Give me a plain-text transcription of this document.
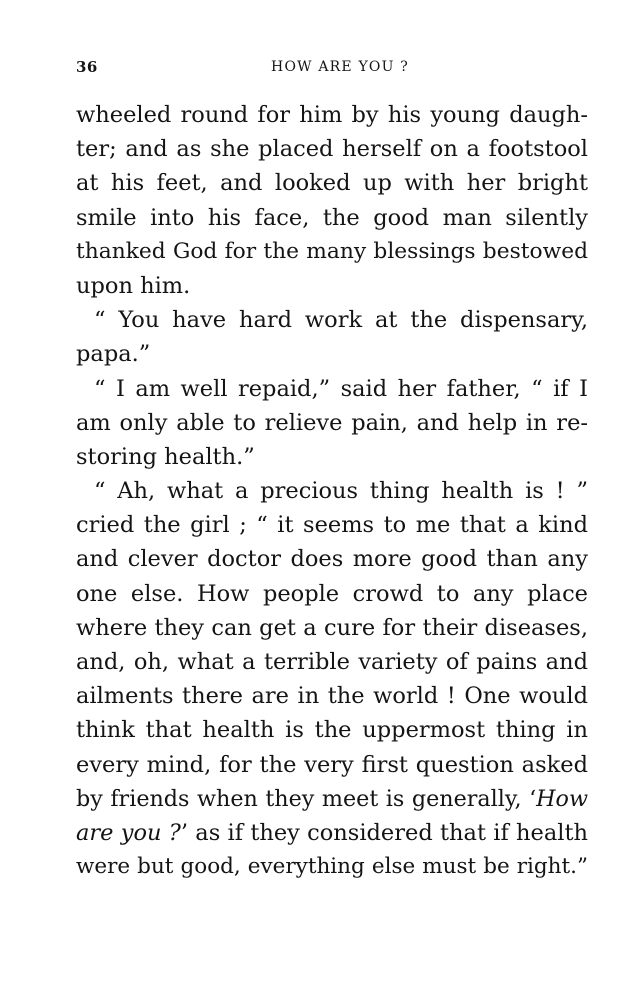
36	HOW ARE YOU ?
wheeled round for him by his young daugh-
ter; and as she placed herself on a footstool
at his feet, and looked up with her bright
smile into his face, the good man silently
thanked God for the many blessings bestowed
upon him.
“ You have hard work at the dispensary,
papa.”
“ I am well repaid,” said her father, “ if I
am only able to relieve pain, and help in re-
storing health.”
“ Ah, what a precious thing health is ! ”
cried the girl ; “ it seems to me that a kind
and clever doctor does more good than any
one else. How people crowd to any place
where they can get a cure for their diseases,
and, oh, what a terrible variety of pains and
ailments there are in the world ! One would
think that health is the uppermost thing in
every mind, for the very first question asked
by friends when they meet is generally, ‘How
are you ?’ as if they considered that if health
were but good, everything else must be right.”
